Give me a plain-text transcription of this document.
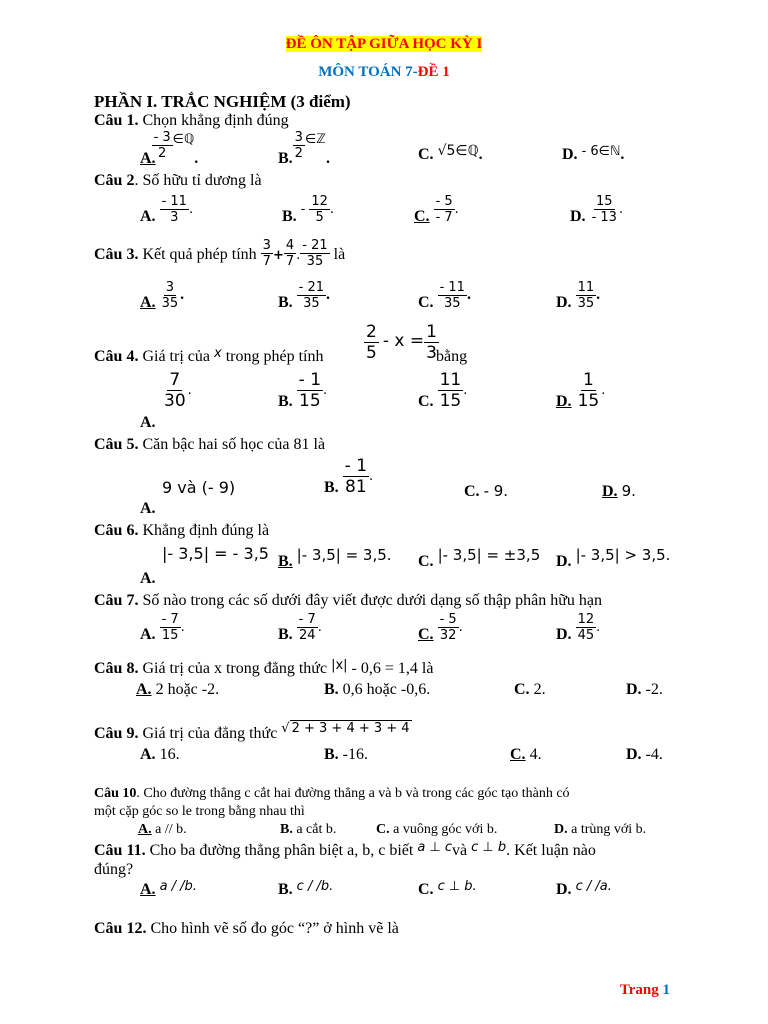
ĐỀ ÔN TẬP GIỮA HỌC KỲ I
MÔN TOÁN 7-ĐỀ 1
PHẦN I. TRẮC NGHIỆM (3 điểm)
Câu 1. Chọn khẳng định đúng
A.
$\frac{- 3}{2} ^{\in ℚ}$.	B. $\frac{3}{2} ^{\in ℤ}$.	C. √5∈ℚ.	D. $^{- 6\in ℕ}$.
Câu 2. Số hữu tỉ dương là
A. $\frac{- 11}{3}$ .	B. - $\frac{12}{5}$ .	C. $\frac{- 5}{- 7}$ .	D. $\frac{15}{- 13}$ .
Câu 3. Kết quả phép tính $\frac{3}{7} + \frac{4}{7}$ . $\frac{- 21}{35}$ là
A. $\frac{3}{35}$ .	B. $\frac{- 21}{35}$ .	C. $\frac{- 11}{35}$ .	D. $\frac{11}{35}$ .
Câu 4. Giá trị của $^x$ trong phép tính $\frac{2}{5} - x = \frac{1}{3}$
bằng
A.
$\frac{7}{30}$ .
B. $\frac{- 1}{15}$ .
C. $\frac{11}{15}$ .
D. $\frac{1}{15}$ .
Câu 5. Căn bậc hai số học của 81 là
9 và (- 9)
A.
B. $\frac{- 1}{81}$ .
C. - 9.	D. 9.
Câu 6. Khẳng định đúng là
|- 3,5| = - 3,5
A.
B. |- 3,5| = 3,5. C. |- 3,5| = ±3,5 D. |- 3,5| > 3,5.
Câu 7. Số nào trong các số dưới đây viết được dưới dạng số thập phân hữu hạn
A. $\frac{- 7}{15}$ .	B. $\frac{- 7}{24}$ .	C. $\frac{- 5}{32}$ .	D. $\frac{12}{45}$ .
Câu 8. Giá trị của x trong đẳng thức $^{|x|}$ - 0,6 = 1,4 là
A. 2 hoặc -2.	B. 0,6 hoặc -0,6.	C. 2.	D. -2.
Câu 9. Giá trị của đẳng thức $^{√ 2 + 3 + 4 + 3 + 4}$
A. 16.	B. -16.	C. 4.	D. -4.
Câu 10. Cho đường thẳng c cắt hai đường thẳng a và b và trong các góc tạo thành có
một cặp góc so le trong bằng nhau thì
A. a // b.	B. a cắt b.	C. a vuông góc với b.	D. a trùng với b.
Câu 11. Cho ba đường thẳng phân biệt a, b, c biết $^{a \perp c}$và $^{c \perp b}$. Kết luận nào
đúng?
A. $^{a / /b.}$	B. $^{c / /b.}$	C. $^{c \perp b.}$	D. $^{c / /a.}$
Câu 12. Cho hình vẽ số đo góc “?” ở hình vẽ là
Trang 1
